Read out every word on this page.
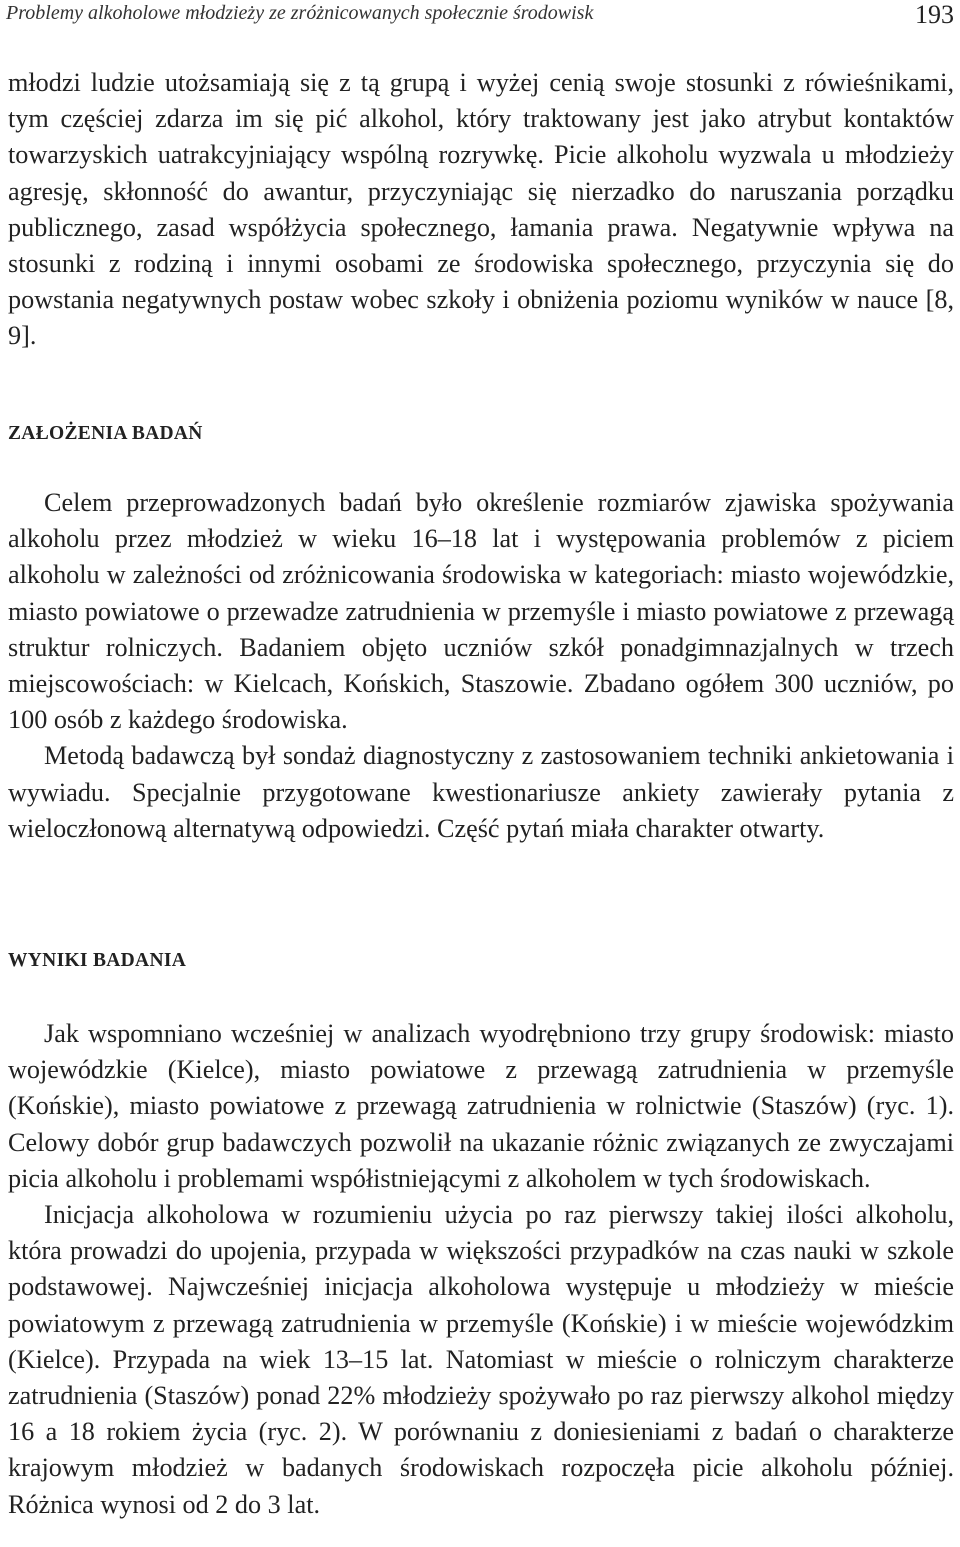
Problemy alkoholowe młodzieży ze zróżnicowanych społecznie środowisk	193

młodzi ludzie utożsamiają się z tą grupą i wyżej cenią swoje stosunki z rówieśnikami, tym częściej zdarza im się pić alkohol, który traktowany jest jako atrybut kontaktów towarzyskich uatrakcyjniający wspólną rozrywkę. Picie alkoholu wyzwala u młodzieży agresję, skłonność do awantur, przyczyniając się nierzadko do naruszania porządku publicznego, zasad współżycia społecznego, łamania prawa. Negatywnie wpływa na stosunki z rodziną i innymi osobami ze środowiska społecznego, przyczynia się do powstania negatywnych postaw wobec szkoły i obniżenia poziomu wyników w nauce [8, 9].

ZAŁOŻENIA BADAŃ

Celem przeprowadzonych badań było określenie rozmiarów zjawiska spożywania alkoholu przez młodzież w wieku 16–18 lat i występowania problemów z piciem alkoholu w zależności od zróżnicowania środowiska w kategoriach: miasto wojewódzkie, miasto powiatowe o przewadze zatrudnienia w przemyśle i miasto powiatowe z przewagą struktur rolniczych. Badaniem objęto uczniów szkół ponadgimnazjalnych w trzech miejscowościach: w Kielcach, Końskich, Staszowie. Zbadano ogółem 300 uczniów, po 100 osób z każdego środowiska.

Metodą badawczą był sondaż diagnostyczny z zastosowaniem techniki ankietowania i wywiadu. Specjalnie przygotowane kwestionariusze ankiety zawierały pytania z wieloczłonową alternatywą odpowiedzi. Część pytań miała charakter otwarty.

WYNIKI BADANIA

Jak wspomniano wcześniej w analizach wyodrębniono trzy grupy środowisk: miasto wojewódzkie (Kielce), miasto powiatowe z przewagą zatrudnienia w przemyśle (Końskie), miasto powiatowe z przewagą zatrudnienia w rolnictwie (Staszów) (ryc. 1). Celowy dobór grup badawczych pozwolił na ukazanie różnic związanych ze zwyczajami picia alkoholu i problemami współistniejącymi z alkoholem w tych środowiskach.

Inicjacja alkoholowa w rozumieniu użycia po raz pierwszy takiej ilości alkoholu, która prowadzi do upojenia, przypada w większości przypadków na czas nauki w szkole podstawowej. Najwcześniej inicjacja alkoholowa występuje u młodzieży w mieście powiatowym z przewagą zatrudnienia w przemyśle (Końskie) i w mieście wojewódzkim (Kielce). Przypada na wiek 13–15 lat. Natomiast w mieście o rolniczym charakterze zatrudnienia (Staszów) ponad 22% młodzieży spożywało po raz pierwszy alkohol między 16 a 18 rokiem życia (ryc. 2). W porównaniu z doniesieniami z badań o charakterze krajowym młodzież w badanych środowiskach rozpoczęła picie alkoholu później. Różnica wynosi od 2 do 3 lat.
